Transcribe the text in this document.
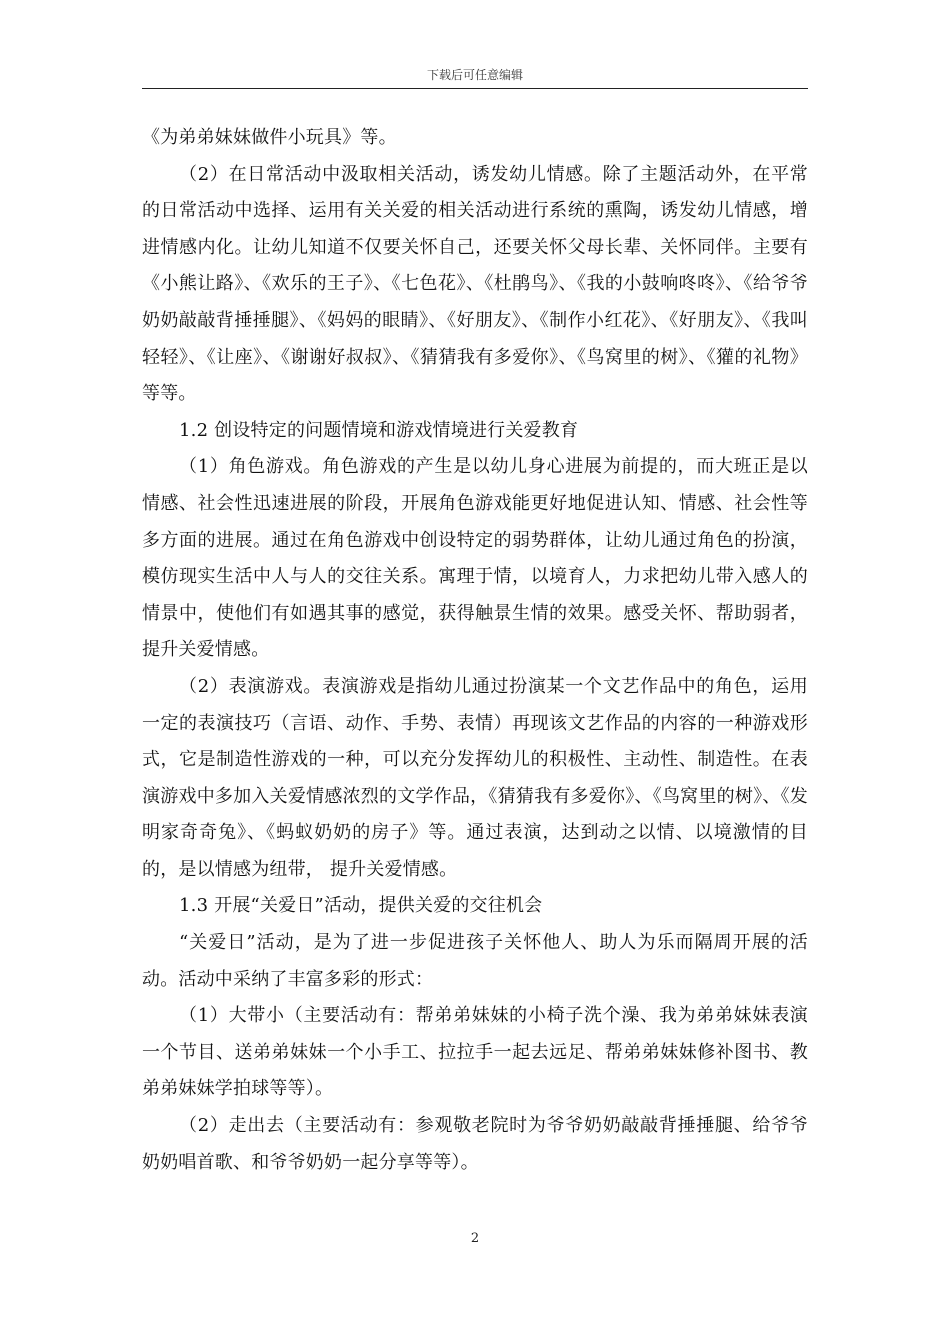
下载后可任意编辑

《为弟弟妹妹做件小玩具》等。

（2）在日常活动中汲取相关活动，诱发幼儿情感。除了主题活动外，在平常的日常活动中选择、运用有关关爱的相关活动进行系统的熏陶，诱发幼儿情感，增进情感内化。让幼儿知道不仅要关怀自己，还要关怀父母长辈、关怀同伴。主要有《小熊让路》、《欢乐的王子》、《七色花》、《杜鹃鸟》、《我的小鼓响咚咚》、《给爷爷奶奶敲敲背捶捶腿》、《妈妈的眼睛》、《好朋友》、《制作小红花》、《好朋友》、《我叫轻轻》、《让座》、《谢谢好叔叔》、《猜猜我有多爱你》、《鸟窝里的树》、《獾的礼物》等等。

1.2 创设特定的问题情境和游戏情境进行关爱教育

（1）角色游戏。角色游戏的产生是以幼儿身心进展为前提的，而大班正是以情感、社会性迅速进展的阶段，开展角色游戏能更好地促进认知、情感、社会性等多方面的进展。通过在角色游戏中创设特定的弱势群体，让幼儿通过角色的扮演，模仿现实生活中人与人的交往关系。寓理于情，以境育人，力求把幼儿带入感人的情景中，使他们有如遇其事的感觉，获得触景生情的效果。感受关怀、帮助弱者，提升关爱情感。

（2）表演游戏。表演游戏是指幼儿通过扮演某一个文艺作品中的角色，运用一定的表演技巧（言语、动作、手势、表情）再现该文艺作品的内容的一种游戏形式，它是制造性游戏的一种，可以充分发挥幼儿的积极性、主动性、制造性。在表演游戏中多加入关爱情感浓烈的文学作品，《猜猜我有多爱你》、《鸟窝里的树》、《发明家奇奇兔》、《蚂蚁奶奶的房子》等。通过表演，达到动之以情、以境激情的目的，是以情感为纽带， 提升关爱情感。

1.3 开展“关爱日”活动，提供关爱的交往机会

“关爱日”活动，是为了进一步促进孩子关怀他人、助人为乐而隔周开展的活动。活动中采纳了丰富多彩的形式：

（1）大带小（主要活动有：帮弟弟妹妹的小椅子洗个澡、我为弟弟妹妹表演一个节目、送弟弟妹妹一个小手工、拉拉手一起去远足、帮弟弟妹妹修补图书、教弟弟妹妹学拍球等等）。

（2）走出去（主要活动有：参观敬老院时为爷爷奶奶敲敲背捶捶腿、给爷爷奶奶唱首歌、和爷爷奶奶一起分享等等）。

2
